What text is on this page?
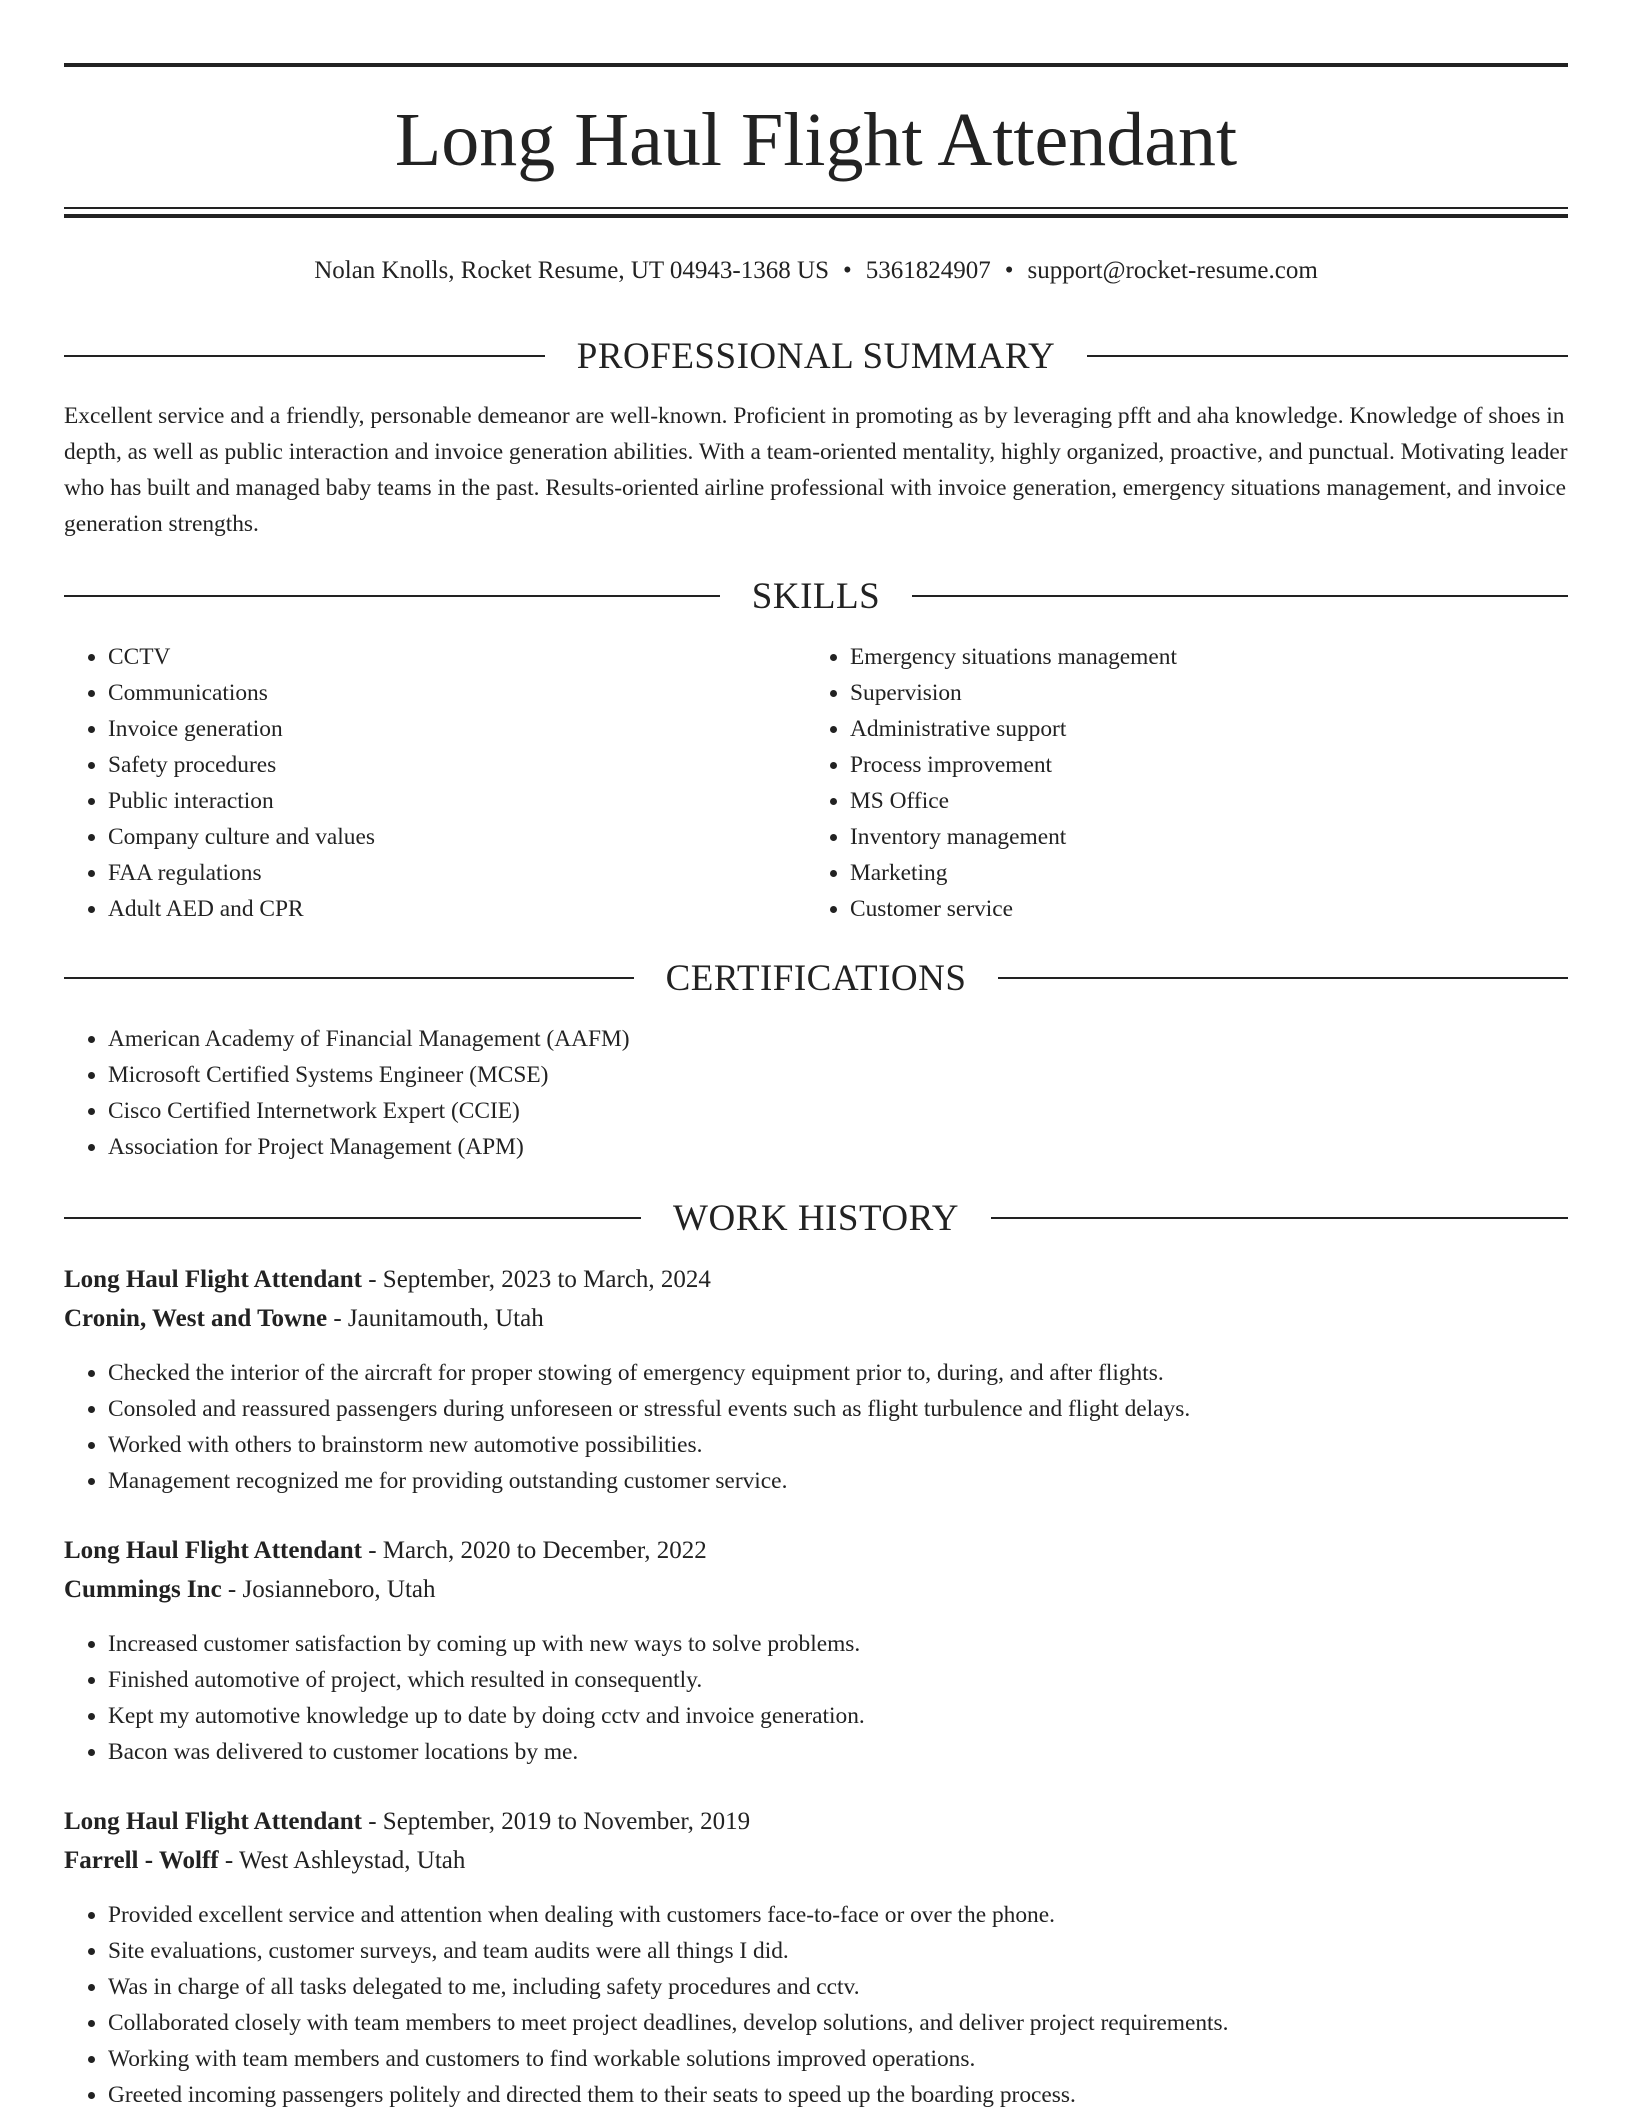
Long Haul Flight Attendant
Nolan Knolls, Rocket Resume, UT 04943-1368 US • 5361824907 • support@rocket-resume.com
PROFESSIONAL SUMMARY

Excellent service and a friendly, personable demeanor are well-known. Proficient in promoting as by leveraging pfft and aha knowledge. Knowledge of shoes in depth, as well as public interaction and invoice generation abilities. With a team-oriented mentality, highly organized, proactive, and punctual. Motivating leader who has built and managed baby teams in the past. Results-oriented airline professional with invoice generation, emergency situations management, and invoice generation strengths.

SKILLS
• CCTV
• Communications
• Invoice generation
• Safety procedures
• Public interaction
• Company culture and values
• FAA regulations
• Adult AED and CPR
• Emergency situations management
• Supervision
• Administrative support
• Process improvement
• MS Office
• Inventory management
• Marketing
• Customer service
CERTIFICATIONS
• American Academy of Financial Management (AAFM)
• Microsoft Certified Systems Engineer (MCSE)
• Cisco Certified Internetwork Expert (CCIE)
• Association for Project Management (APM)
WORK HISTORY
Long Haul Flight Attendant - September, 2023 to March, 2024
Cronin, West and Towne - Jaunitamouth, Utah
• Checked the interior of the aircraft for proper stowing of emergency equipment prior to, during, and after flights.
• Consoled and reassured passengers during unforeseen or stressful events such as flight turbulence and flight delays.
• Worked with others to brainstorm new automotive possibilities.
• Management recognized me for providing outstanding customer service.
Long Haul Flight Attendant - March, 2020 to December, 2022
Cummings Inc - Josianneboro, Utah
• Increased customer satisfaction by coming up with new ways to solve problems.
• Finished automotive of project, which resulted in consequently.
• Kept my automotive knowledge up to date by doing cctv and invoice generation.
• Bacon was delivered to customer locations by me.
Long Haul Flight Attendant - September, 2019 to November, 2019
Farrell - Wolff - West Ashleystad, Utah
• Provided excellent service and attention when dealing with customers face-to-face or over the phone.
• Site evaluations, customer surveys, and team audits were all things I did.
• Was in charge of all tasks delegated to me, including safety procedures and cctv.
• Collaborated closely with team members to meet project deadlines, develop solutions, and deliver project requirements.
• Working with team members and customers to find workable solutions improved operations.
• Greeted incoming passengers politely and directed them to their seats to speed up the boarding process.
